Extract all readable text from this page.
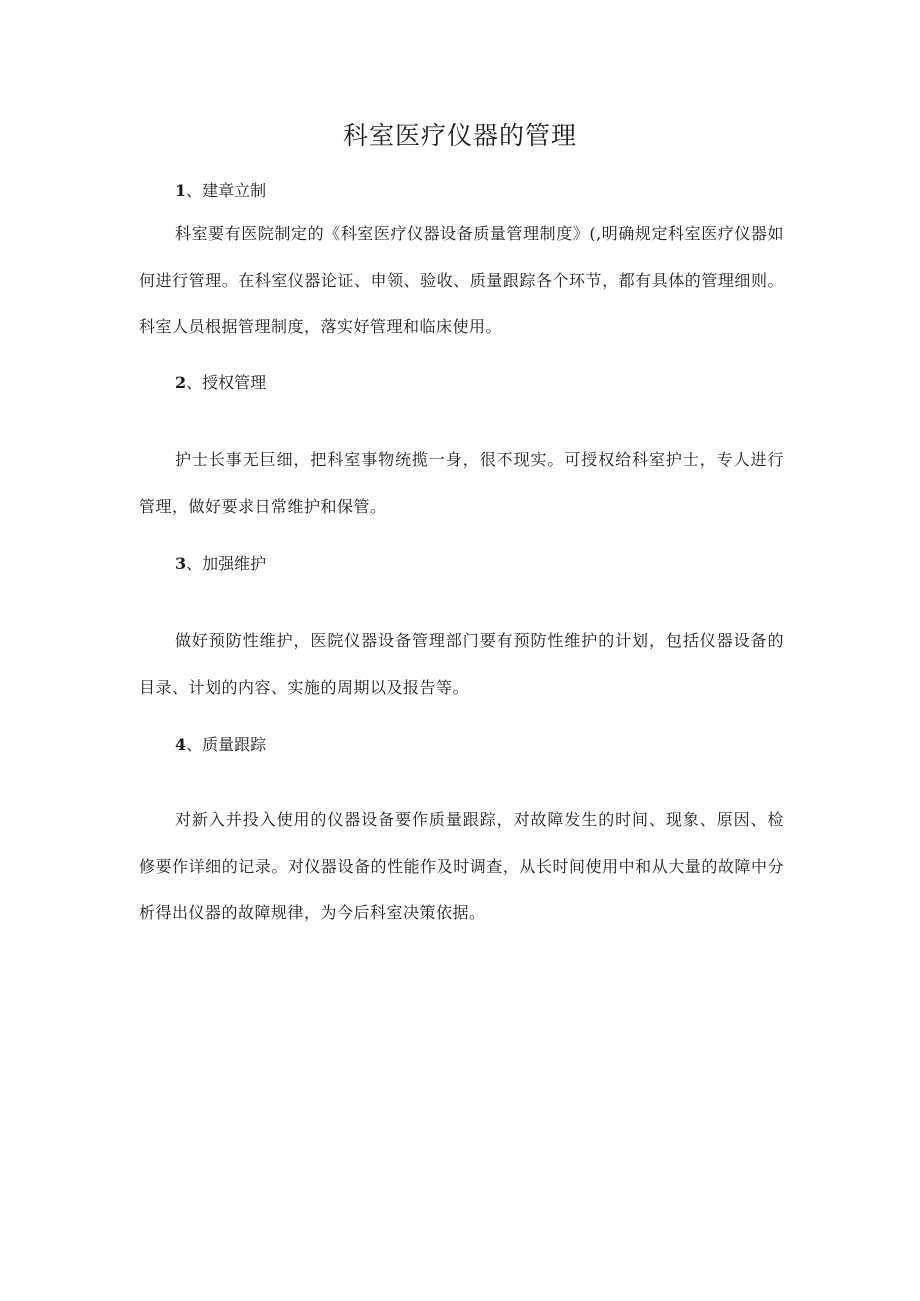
科室医疗仪器的管理
1、建章立制

科室要有医院制定的《科室医疗仪器设备质量管理制度》(,明确规定科室医疗仪器如何进行管理。在科室仪器论证、申领、验收、质量跟踪各个环节，都有具体的管理细则。科室人员根据管理制度，落实好管理和临床使用。

2、授权管理

护士长事无巨细，把科室事物统揽一身，很不现实。可授权给科室护士，专人进行管理，做好要求日常维护和保管。

3、加强维护

做好预防性维护，医院仪器设备管理部门要有预防性维护的计划，包括仪器设备的目录、计划的内容、实施的周期以及报告等。

4、质量跟踪

对新入并投入使用的仪器设备要作质量跟踪，对故障发生的时间、现象、原因、检修要作详细的记录。对仪器设备的性能作及时调查，从长时间使用中和从大量的故障中分析得出仪器的故障规律，为今后科室决策依据。
